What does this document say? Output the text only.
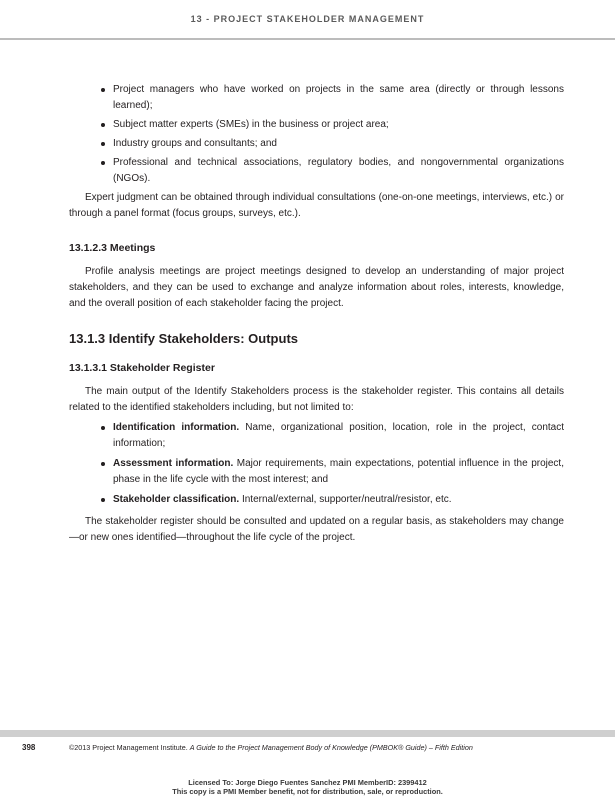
13 - PROJECT STAKEHOLDER MANAGEMENT
Project managers who have worked on projects in the same area (directly or through lessons learned);
Subject matter experts (SMEs) in the business or project area;
Industry groups and consultants; and
Professional and technical associations, regulatory bodies, and nongovernmental organizations (NGOs).

Expert judgment can be obtained through individual consultations (one-on-one meetings, interviews, etc.) or through a panel format (focus groups, surveys, etc.).

13.1.2.3 Meetings

Profile analysis meetings are project meetings designed to develop an understanding of major project stakeholders, and they can be used to exchange and analyze information about roles, interests, knowledge, and the overall position of each stakeholder facing the project.

13.1.3 Identify Stakeholders: Outputs
13.1.3.1 Stakeholder Register

The main output of the Identify Stakeholders process is the stakeholder register. This contains all details related to the identified stakeholders including, but not limited to:

Identification information. Name, organizational position, location, role in the project, contact information;
Assessment information. Major requirements, main expectations, potential influence in the project, phase in the life cycle with the most interest; and
Stakeholder classification. Internal/external, supporter/neutral/resistor, etc.

The stakeholder register should be consulted and updated on a regular basis, as stakeholders may change—or new ones identified—throughout the life cycle of the project.

398	©2013 Project Management Institute. A Guide to the Project Management Body of Knowledge (PMBOK® Guide) – Fifth Edition
Licensed To: Jorge Diego Fuentes Sanchez PMI MemberID: 2399412
This copy is a PMI Member benefit, not for distribution, sale, or reproduction.
